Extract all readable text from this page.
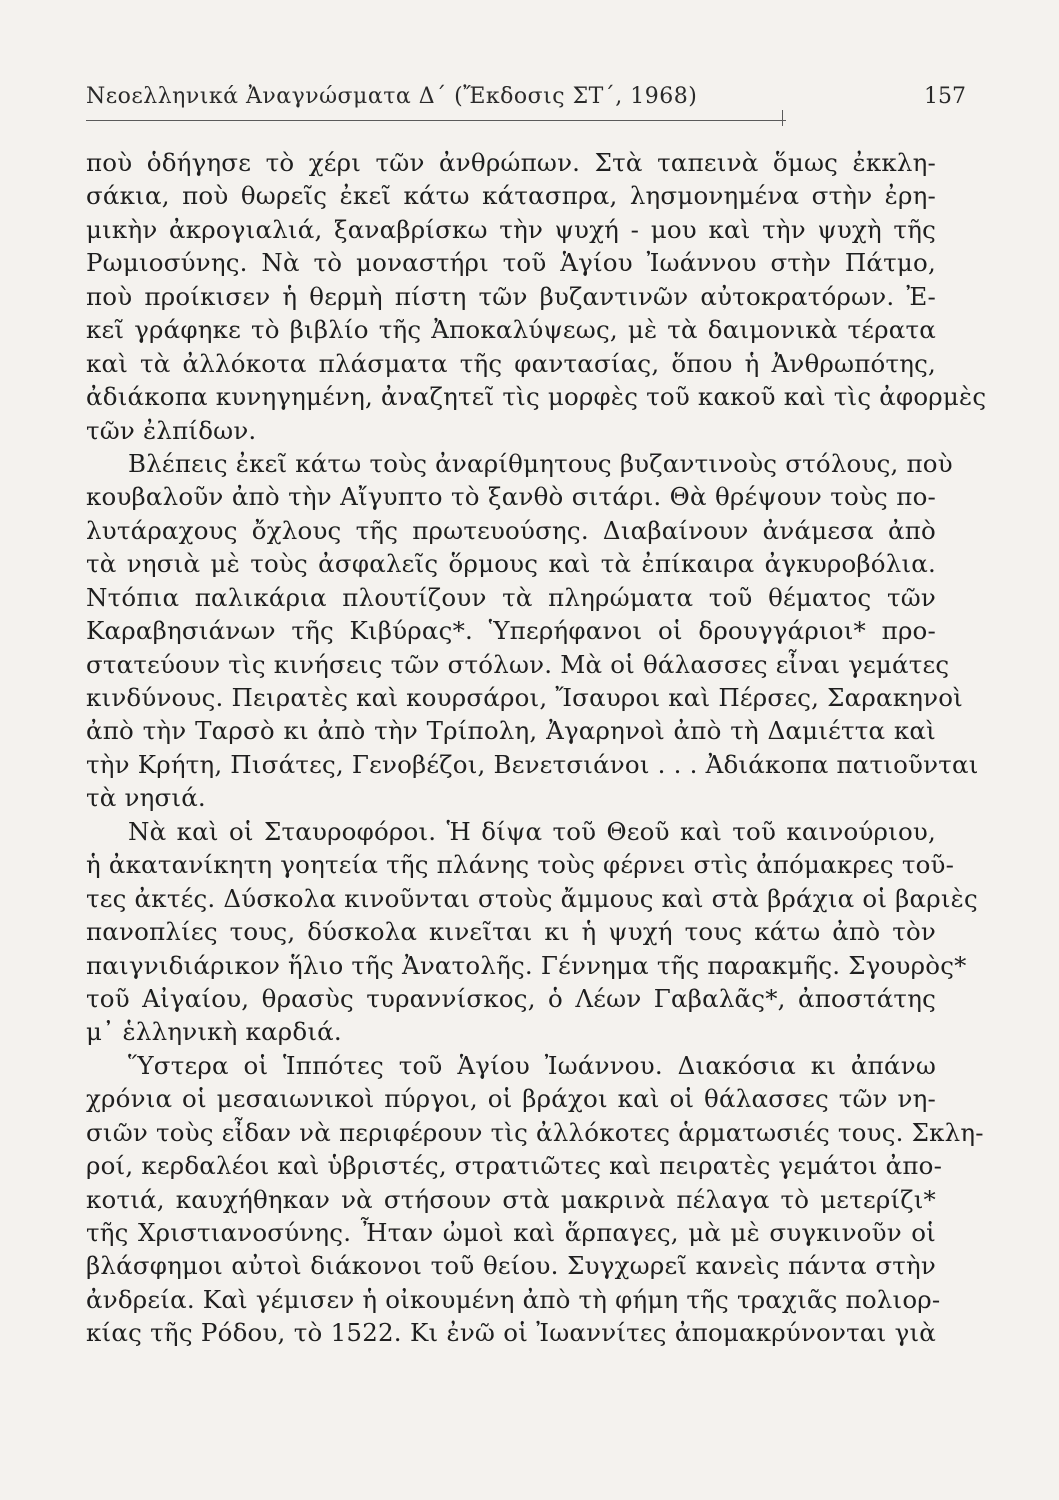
Νεοελληνικά Ἀναγνώσματα Δ΄ (Ἔκδοσις ΣΤ΄, 1968)	157
ποὺ ὁδήγησε τὸ χέρι τῶν ἀνθρώπων. Στὰ ταπεινὰ ὅμως ἐκκλη-
σάκια, ποὺ θωρεῖς ἐκεῖ κάτω κάτασπρα, λησμονημένα στὴν ἐρη-
μικὴν ἀκρογιαλιά, ξαναβρίσκω τὴν ψυχή - μου καὶ τὴν ψυχὴ τῆς
Ρωμιοσύνης. Νὰ τὸ μοναστήρι τοῦ Ἁγίου Ἰωάννου στὴν Πάτμο,
ποὺ προίκισεν ἡ θερμὴ πίστη τῶν βυζαντινῶν αὐτοκρατόρων. Ἐ-
κεῖ γράφηκε τὸ βιβλίο τῆς Ἀποκαλύψεως, μὲ τὰ δαιμονικὰ τέρατα
καὶ τὰ ἀλλόκοτα πλάσματα τῆς φαντασίας, ὅπου ἡ Ἀνθρωπότης,
ἀδιάκοπα κυνηγημένη, ἀναζητεῖ τὶς μορφὲς τοῦ κακοῦ καὶ τὶς ἀφορμὲς
τῶν ἐλπίδων.
Βλέπεις ἐκεῖ κάτω τοὺς ἀναρίθμητους βυζαντινοὺς στόλους, ποὺ
κουβαλοῦν ἀπὸ τὴν Αἴγυπτο τὸ ξανθὸ σιτάρι. Θὰ θρέψουν τοὺς πο-
λυτάραχους ὄχλους τῆς πρωτευούσης. Διαβαίνουν ἀνάμεσα ἀπὸ
τὰ νησιὰ μὲ τοὺς ἀσφαλεῖς ὅρμους καὶ τὰ ἐπίκαιρα ἀγκυροβόλια.
Ντόπια παλικάρια πλουτίζουν τὰ πληρώματα τοῦ θέματος τῶν
Καραβησιάνων τῆς Κιβύρας*. Ὑπερήφανοι οἱ δρουγγάριοι* προ-
στατεύουν τὶς κινήσεις τῶν στόλων. Μὰ οἱ θάλασσες εἶναι γεμάτες
κινδύνους. Πειρατὲς καὶ κουρσάροι, Ἴσαυροι καὶ Πέρσες, Σαρακηνοὶ
ἀπὸ τὴν Ταρσὸ κι ἀπὸ τὴν Τρίπολη, Ἀγαρηνοὶ ἀπὸ τὴ Δαμιέττα καὶ
τὴν Κρήτη, Πισάτες, Γενοβέζοι, Βενετσιάνοι . . . Ἀδιάκοπα πατιοῦνται
τὰ νησιά.
Νὰ καὶ οἱ Σταυροφόροι. Ἡ δίψα τοῦ Θεοῦ καὶ τοῦ καινούριου,
ἡ ἀκατανίκητη γοητεία τῆς πλάνης τοὺς φέρνει στὶς ἀπόμακρες τοῦ-
τες ἀκτές. Δύσκολα κινοῦνται στοὺς ἄμμους καὶ στὰ βράχια οἱ βαριὲς
πανοπλίες τους, δύσκολα κινεῖται κι ἡ ψυχή τους κάτω ἀπὸ τὸν
παιγνιδιάρικον ἥλιο τῆς Ἀνατολῆς. Γέννημα τῆς παρακμῆς. Σγουρὸς*
τοῦ Αἰγαίου, θρασὺς τυραννίσκος, ὁ Λέων Γαβαλᾶς*, ἀποστάτης
μ᾿ ἑλληνικὴ καρδιά.
Ὕστερα οἱ Ἱππότες τοῦ Ἁγίου Ἰωάννου. Διακόσια κι ἀπάνω
χρόνια οἱ μεσαιωνικοὶ πύργοι, οἱ βράχοι καὶ οἱ θάλασσες τῶν νη-
σιῶν τοὺς εἶδαν νὰ περιφέρουν τὶς ἀλλόκοτες ἁρματωσιές τους. Σκλη-
ροί, κερδαλέοι καὶ ὑβριστές, στρατιῶτες καὶ πειρατὲς γεμάτοι ἀπο-
κοτιά, καυχήθηκαν νὰ στήσουν στὰ μακρινὰ πέλαγα τὸ μετερίζι*
τῆς Χριστιανοσύνης. Ἦταν ὠμοὶ καὶ ἅρπαγες, μὰ μὲ συγκινοῦν οἱ
βλάσφημοι αὐτοὶ διάκονοι τοῦ θείου. Συγχωρεῖ κανεὶς πάντα στὴν
ἀνδρεία. Καὶ γέμισεν ἡ οἰκουμένη ἀπὸ τὴ φήμη τῆς τραχιᾶς πολιορ-
κίας τῆς Ρόδου, τὸ 1522. Κι ἐνῶ οἱ Ἰωαννίτες ἀπομακρύνονται γιὰ
